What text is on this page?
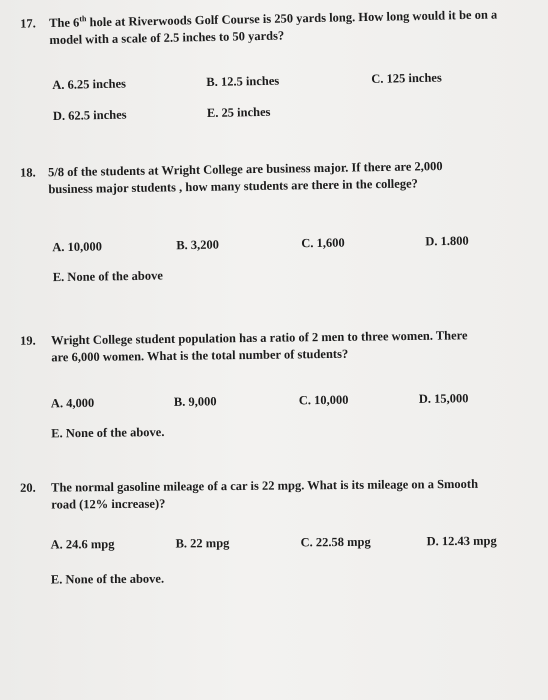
17. The 6th hole at Riverwoods Golf Course is 250 yards long. How long would it be on a model with a scale of 2.5 inches to 50 yards?
A. 6.25 inches	B. 12.5 inches	C. 125 inches
D. 62.5 inches	E. 25 inches
18. 5/8 of the students at Wright College are business major. If there are 2,000 business major students , how many students are there in the college?
A. 10,000	B. 3,200	C. 1,600	D. 1.800
E. None of the above
19. Wright College student population has a ratio of 2 men to three women. There are 6,000 women. What is the total number of students?
A. 4,000	B. 9,000	C. 10,000	D. 15,000
E. None of the above.
20. The normal gasoline mileage of a car is 22 mpg. What is its mileage on a Smooth road (12% increase)?
A. 24.6 mpg	B. 22 mpg	C. 22.58 mpg	D. 12.43 mpg
E. None of the above.
